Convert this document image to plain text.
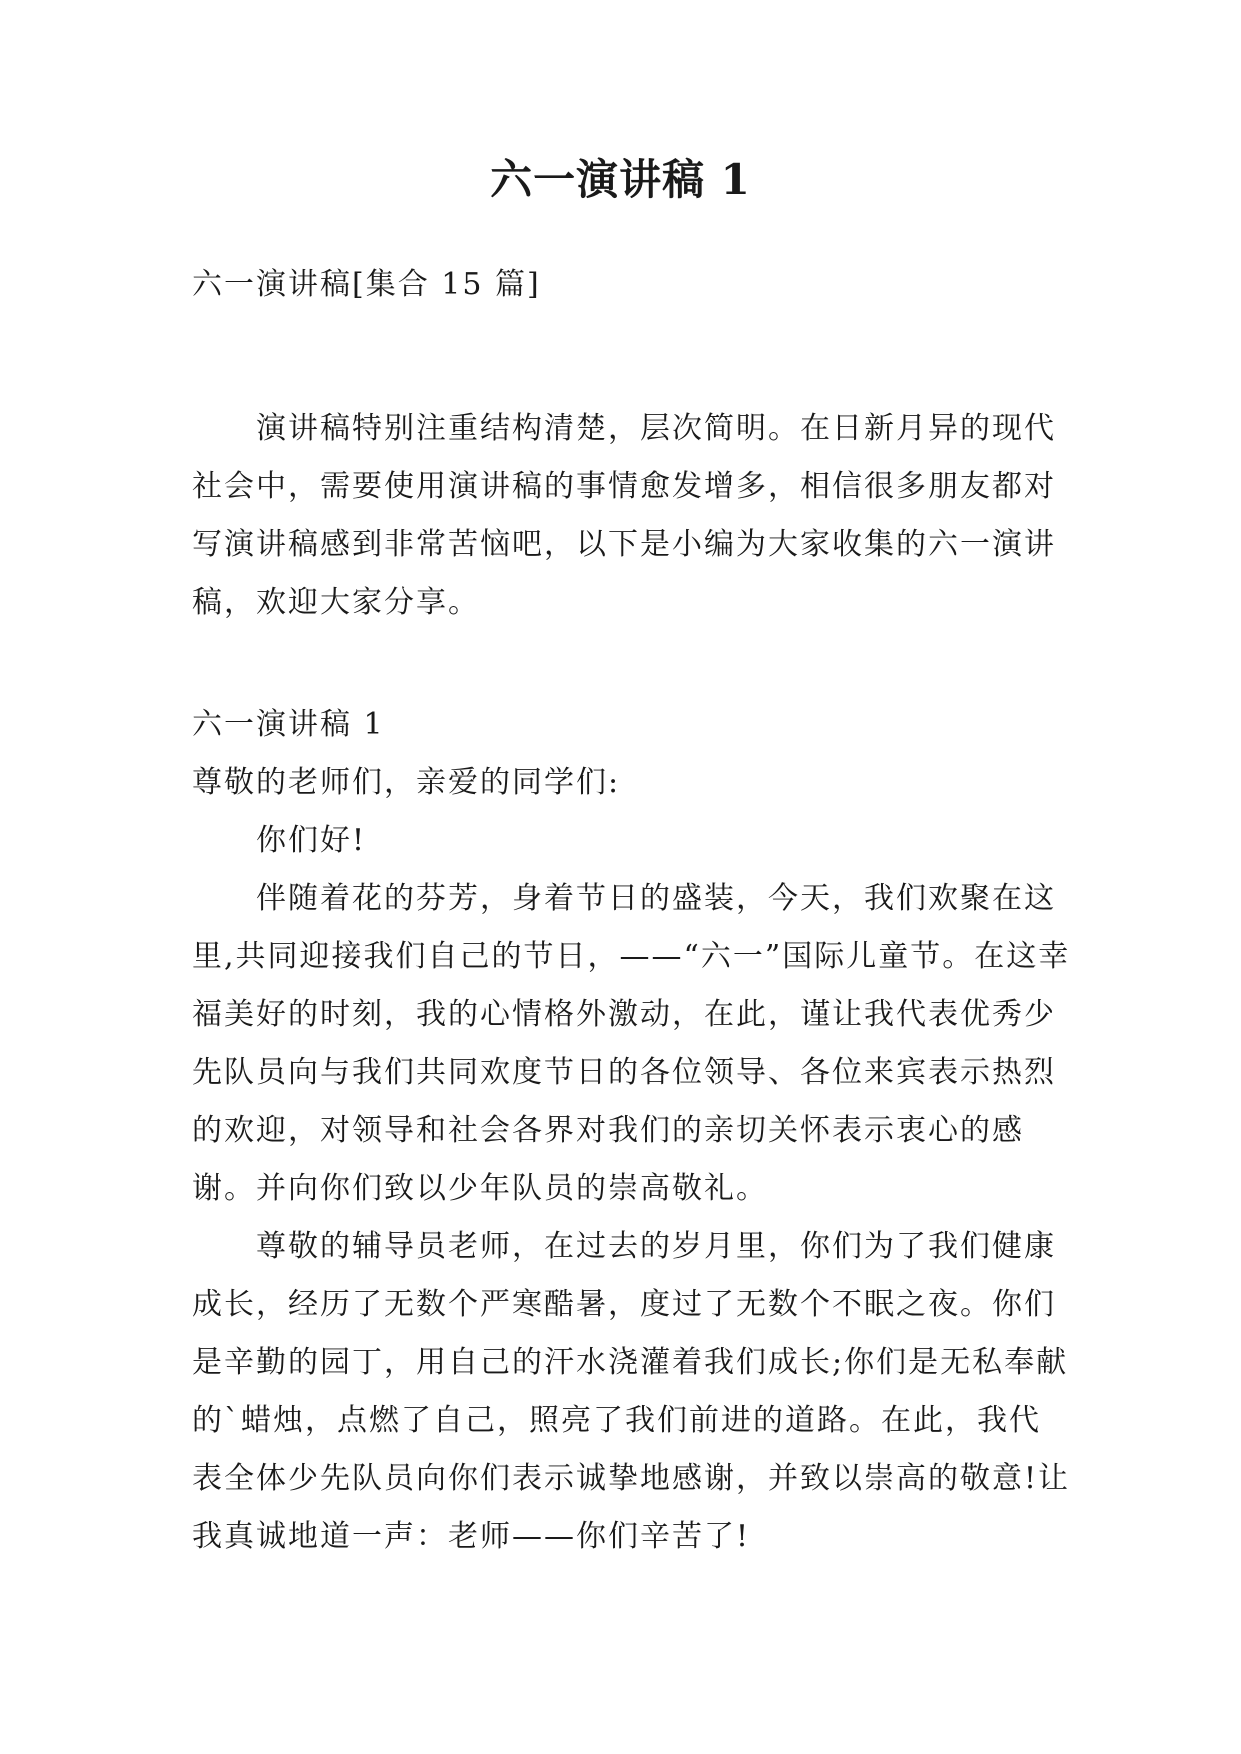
六一演讲稿 1

六一演讲稿[集合 15 篇]

演讲稿特别注重结构清楚，层次简明。在日新月异的现代社会中，需要使用演讲稿的事情愈发增多，相信很多朋友都对写演讲稿感到非常苦恼吧，以下是小编为大家收集的六一演讲稿，欢迎大家分享。

六一演讲稿 1

尊敬的老师们，亲爱的同学们:

你们好!

伴随着花的芬芳，身着节日的盛装，今天，我们欢聚在这里,共同迎接我们自己的节日，——“六一”国际儿童节。在这幸福美好的时刻，我的心情格外激动，在此，谨让我代表优秀少先队员向与我们共同欢度节日的各位领导、各位来宾表示热烈的欢迎，对领导和社会各界对我们的亲切关怀表示衷心的感谢。并向你们致以少年队员的崇高敬礼。

尊敬的辅导员老师，在过去的岁月里，你们为了我们健康成长，经历了无数个严寒酷暑，度过了无数个不眠之夜。你们是辛勤的园丁，用自己的汗水浇灌着我们成长;你们是无私奉献的`蜡烛，点燃了自己，照亮了我们前进的道路。在此，我代表全体少先队员向你们表示诚挚地感谢，并致以崇高的敬意!让我真诚地道一声：老师——你们辛苦了!
